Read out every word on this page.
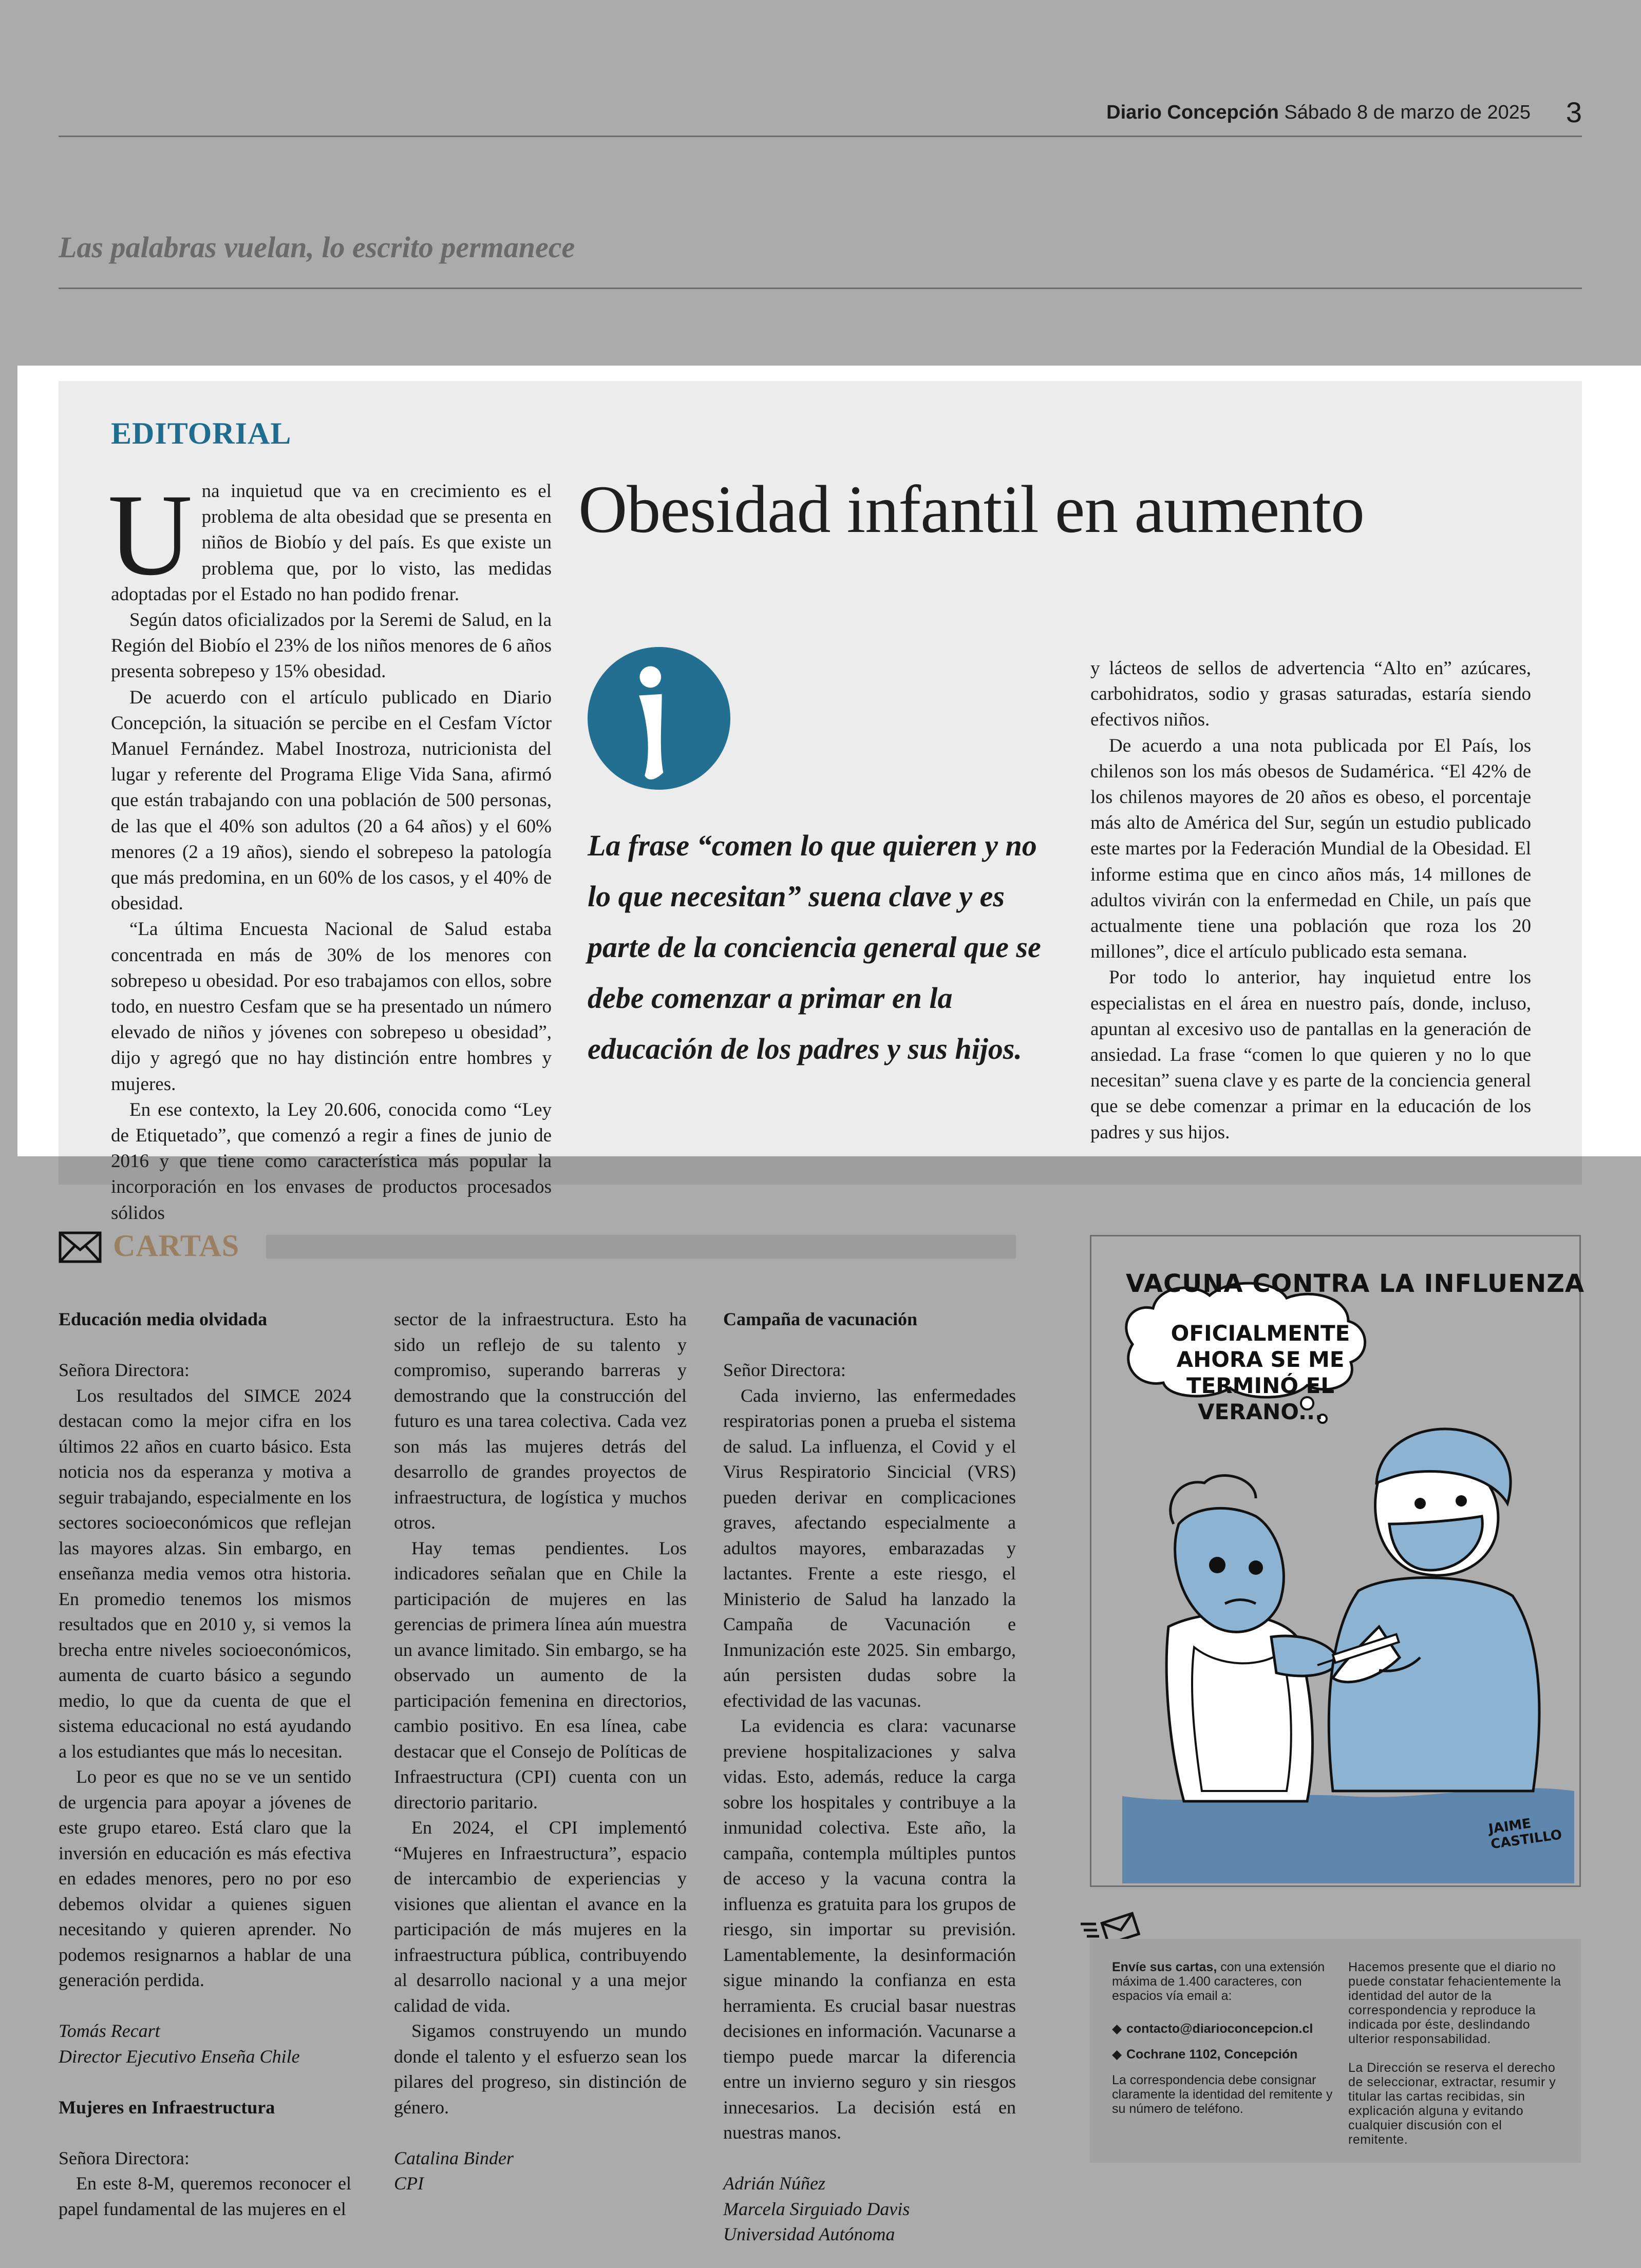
Diario Concepción Sábado 8 de marzo de 2025 3
Las palabras vuelan, lo escrito permanece
EDITORIAL
Obesidad infantil en aumento

Una inquietud que va en crecimiento es el problema de alta obesidad que se presenta en niños de Biobío y del país. Es que existe un problema que, por lo visto, las medidas adoptadas por el Estado no han podido frenar.

Según datos oficializados por la Seremi de Salud, en la Región del Biobío el 23% de los niños menores de 6 años presenta sobrepeso y 15% obesidad.

De acuerdo con el artículo publicado en Diario Concepción, la situación se percibe en el Cesfam Víctor Manuel Fernández. Mabel Inostroza, nutricionista del lugar y referente del Programa Elige Vida Sana, afirmó que están trabajando con una población de 500 personas, de las que el 40% son adultos (20 a 64 años) y el 60% menores (2 a 19 años), siendo el sobrepeso la patología que más predomina, en un 60% de los casos, y el 40% de obesidad.

“La última Encuesta Nacional de Salud estaba concentrada en más de 30% de los menores con sobrepeso u obesidad. Por eso trabajamos con ellos, sobre todo, en nuestro Cesfam que se ha presentado un número elevado de niños y jóvenes con sobrepeso u obesidad”, dijo y agregó que no hay distinción entre hombres y mujeres.

En ese contexto, la Ley 20.606, conocida como “Ley de Etiquetado”, que comenzó a regir a fines de junio de 2016 y que tiene como característica más popular la incorporación en los envases de productos procesados sólidos

La frase “comen lo que quieren y no lo que necesitan” suena clave y es parte de la conciencia general que se debe comenzar a primar en la educación de los padres y sus hijos.

y lácteos de sellos de advertencia “Alto en” azúcares, carbohidratos, sodio y grasas saturadas, estaría siendo efectivos niños.

De acuerdo a una nota publicada por El País, los chilenos son los más obesos de Sudamérica. “El 42% de los chilenos mayores de 20 años es obeso, el porcentaje más alto de América del Sur, según un estudio publicado este martes por la Federación Mundial de la Obesidad. El informe estima que en cinco años más, 14 millones de adultos vivirán con la enfermedad en Chile, un país que actualmente tiene una población que roza los 20 millones”, dice el artículo publicado esta semana.

Por todo lo anterior, hay inquietud entre los especialistas en el área en nuestro país, donde, incluso, apuntan al excesivo uso de pantallas en la generación de ansiedad. La frase “comen lo que quieren y no lo que necesitan” suena clave y es parte de la conciencia general que se debe comenzar a primar en la educación de los padres y sus hijos.

CARTAS

Educación media olvidada

Señora Directora:

Los resultados del SIMCE 2024 destacan como la mejor cifra en los últimos 22 años en cuarto básico. Esta noticia nos da esperanza y motiva a seguir trabajando, especialmente en los sectores socioeconómicos que reflejan las mayores alzas. Sin embargo, en enseñanza media vemos otra historia. En promedio tenemos los mismos resultados que en 2010 y, si vemos la brecha entre niveles socioeconómicos, aumenta de cuarto básico a segundo medio, lo que da cuenta de que el sistema educacional no está ayudando a los estudiantes que más lo necesitan.

Lo peor es que no se ve un sentido de urgencia para apoyar a jóvenes de este grupo etareo. Está claro que la inversión en educación es más efectiva en edades menores, pero no por eso debemos olvidar a quienes siguen necesitando y quieren aprender. No podemos resignarnos a hablar de una generación perdida.

Tomás Recart

Director Ejecutivo Enseña Chile

Mujeres en Infraestructura

Señora Directora:

En este 8-M, queremos reconocer el papel fundamental de las mujeres en el

sector de la infraestructura. Esto ha sido un reflejo de su talento y compromiso, superando barreras y demostrando que la construcción del futuro es una tarea colectiva. Cada vez son más las mujeres detrás del desarrollo de grandes proyectos de infraestructura, de logística y muchos otros.

Hay temas pendientes. Los indicadores señalan que en Chile la participación de mujeres en las gerencias de primera línea aún muestra un avance limitado. Sin embargo, se ha observado un aumento de la participación femenina en directorios, cambio positivo. En esa línea, cabe destacar que el Consejo de Políticas de Infraestructura (CPI) cuenta con un directorio paritario.

En 2024, el CPI implementó “Mujeres en Infraestructura”, espacio de intercambio de experiencias y visiones que alientan el avance en la participación de más mujeres en la infraestructura pública, contribuyendo al desarrollo nacional y a una mejor calidad de vida.

Sigamos construyendo un mundo donde el talento y el esfuerzo sean los pilares del progreso, sin distinción de género.

Catalina Binder

CPI

Campaña de vacunación

Señor Directora:

Cada invierno, las enfermedades respiratorias ponen a prueba el sistema de salud. La influenza, el Covid y el Virus Respiratorio Sincicial (VRS) pueden derivar en complicaciones graves, afectando especialmente a adultos mayores, embarazadas y lactantes. Frente a este riesgo, el Ministerio de Salud ha lanzado la Campaña de Vacunación e Inmunización este 2025. Sin embargo, aún persisten dudas sobre la efectividad de las vacunas.

La evidencia es clara: vacunarse previene hospitalizaciones y salva vidas. Esto, además, reduce la carga sobre los hospitales y contribuye a la inmunidad colectiva. Este año, la campaña, contempla múltiples puntos de acceso y la vacuna contra la influenza es gratuita para los grupos de riesgo, sin importar su previsión. Lamentablemente, la desinformación sigue minando la confianza en esta herramienta. Es crucial basar nuestras decisiones en información. Vacunarse a tiempo puede marcar la diferencia entre un invierno seguro y sin riesgos innecesarios. La decisión está en nuestras manos.

Adrián Núñez

Marcela Sirguiado Davis

Universidad Autónoma

VACUNA CONTRA LA INFLUENZA
OFICIALMENTE AHORA SE ME TERMINÓ EL VERANO...
JAIME CASTILLO
Envíe sus cartas, con una extensión máxima de 1.400 caracteres, con espacios vía email a:
◆ contacto@diarioconcepcion.cl
◆ Cochrane 1102, Concepción
La correspondencia debe consignar claramente la identidad del remitente y su número de teléfono.
Hacemos presente que el diario no puede constatar fehacientemente la identidad del autor de la correspondencia y reproduce la indicada por éste, deslindando ulterior responsabilidad.
La Dirección se reserva el derecho de seleccionar, extractar, resumir y titular las cartas recibidas, sin explicación alguna y evitando cualquier discusión con el remitente.
